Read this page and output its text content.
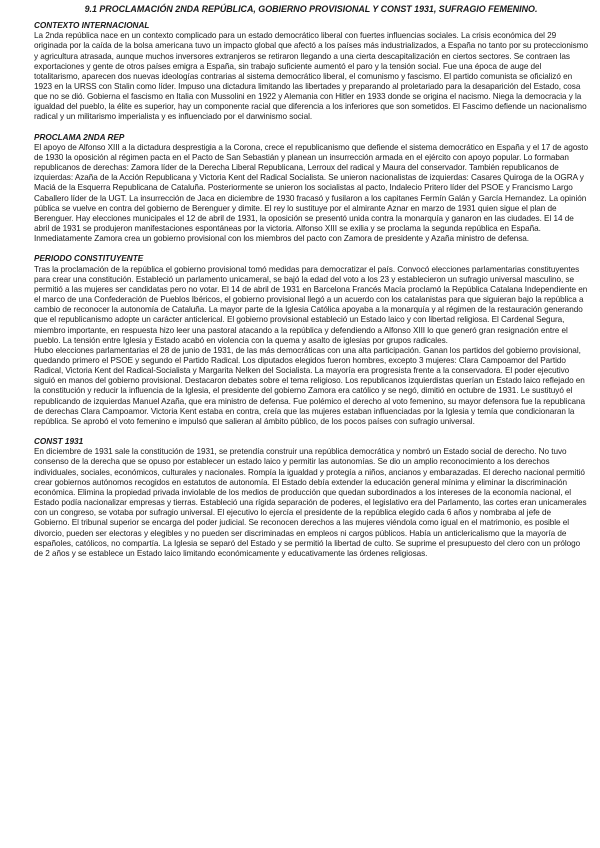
9.1 PROCLAMACIÓN 2NDA REPÚBLICA, GOBIERNO PROVISIONAL Y CONST 1931, SUFRAGIO FEMENINO.
CONTEXTO INTERNACIONAL

La 2nda república nace en un contexto complicado para un estado democrático liberal con fuertes influencias sociales. La crisis económica del 29 originada por la caída de la bolsa americana tuvo un impacto global que afectó a los países más industrializados, a España no tanto por su proteccionismo y agricultura atrasada, aunque muchos inversores extranjeros se retiraron llegando a una cierta descapitalización en ciertos sectores. Se contraen las exportaciones y gente de otros países emigra a España, sin trabajo suficiente aumentó el paro y la tensión social. Fue una época de auge del totalitarismo, aparecen dos nuevas ideologías contrarias al sistema democrático liberal, el comunismo y fascismo. El partido comunista se oficializó en 1923 en la URSS con Stalin como líder. Impuso una dictadura limitando las libertades y preparando al proletariado para la desaparición del Estado, cosa que no se dió. Gobierna el fascismo en Italia con Mussolini en 1922 y Alemania con Hitler en 1933 donde se origina el nacismo. Niega la democracia y la igualdad del pueblo, la élite es superior, hay un componente racial que diferencia a los inferiores que son sometidos. El Fascimo defiende un nacionalismo radical y un militarismo imperialista y es influenciado por el darwinismo social.

PROCLAMA 2NDA REP

El apoyo de Alfonso XIII a la dictadura desprestigia a la Corona, crece el republicanismo que defiende el sistema democrático en España y el 17 de agosto de 1930 la oposición al régimen pacta en el Pacto de San Sebastián y planean un insurrección armada en el ejército con apoyo popular. Lo formaban republicanos de derechas: Zamora líder de la Derecha Liberal Republicana, Lerroux del radical y Maura del conservador. También republicanos de izquierdas: Azaña de la Acción Republicana y Victoria Kent del Radical Socialista. Se unieron nacionalistas de izquierdas: Casares Quiroga de la OGRA y Maciá de la Esquerra Republicana de Cataluña. Posteriormente se unieron los socialistas al pacto, Indalecio Pritero líder del PSOE y Francismo Largo Caballero líder de la UGT. La insurrección de Jaca en diciembre de 1930 fracasó y fusilaron a los capitanes Fermín Galán y García Hernandez. La opinión pública se vuelve en contra del gobierno de Berenguer y dimite. El rey lo sustituye por el almirante Aznar en marzo de 1931 quien sigue el plan de Berenguer. Hay elecciones municipales el 12 de abril de 1931, la oposición se presentó unida contra la monarquía y ganaron en las ciudades. El 14 de abril de 1931 se produjeron manifestaciones espontáneas por la victoria. Alfonso XIII se exilia y se proclama la segunda república en España. Inmediatamente Zamora crea un gobierno provisional con los miembros del pacto con Zamora de presidente y Azaña ministro de defensa.

PERIODO CONSTITUYENTE

Tras la proclamación de la república el gobierno provisional tomó medidas para democratizar el país. Convocó elecciones parlamentarias constituyentes para crear una constitución. Estableció un parlamento unicameral, se bajó la edad del voto a los 23 y establecieron un sufragio universal masculino, se permitió a las mujeres ser candidatas pero no votar. El 14 de abril de 1931 en Barcelona Francés Macía proclamó la República Catalana Independiente en el marco de una Confederación de Pueblos Ibéricos, el gobierno provisional llegó a un acuerdo con los catalanistas para que siguieran bajo la república a cambio de reconocer la autonomía de Cataluña. La mayor parte de la Iglesia Católica apoyaba a la monarquía y al régimen de la restauración generando que el republicanismo adopte un carácter anticlerical. El gobierno provisional estableció un Estado laico y con libertad religiosa. El Cardenal Segura, miembro importante, en respuesta hizo leer una pastoral atacando a la república y defendiendo a Alfonso XIII lo que generó gran resignación entre el pueblo. La tensión entre Iglesia y Estado acabó en violencia con la quema y asalto de iglesias por grupos radicales.

Hubo elecciones parlamentarias el 28 de junio de 1931, de las más democráticas con una alta participación. Ganan los partidos del gobierno provisional, quedando primero el PSOE y segundo el Partido Radical. Los diputados elegidos fueron hombres, excepto 3 mujeres: Clara Campoamor del Partido Radical, Victoria Kent del Radical-Socialista y Margarita Nelken del Socialista. La mayoría era progresista frente a la conservadora. El poder ejecutivo siguió en manos del gobierno provisional. Destacaron debates sobre el tema religioso. Los republicanos izquierdistas querían un Estado laico reflejado en la constitución y reducir la influencia de la Iglesia, el presidente del gobierno Zamora era católico y se negó, dimitió en octubre de 1931. Le sustituyó el republicando de izquierdas Manuel Azaña, que era ministro de defensa. Fue polémico el derecho al voto femenino, su mayor defensora fue la republicana de derechas Clara Campoamor. Victoria Kent estaba en contra, creía que las mujeres estaban influenciadas por la Iglesia y temía que condicionaran la república. Se aprobó el voto femenino e impulsó que salieran al ámbito público, de los pocos países con sufragio universal.

CONST 1931

En diciembre de 1931 sale la constitución de 1931, se pretendía construir una república democrática y nombró un Estado social de derecho. No tuvo consenso de la derecha que se opuso por establecer un estado laico y permitir las autonomías. Se dio un amplio reconocimiento a los derechos individuales, sociales, económicos, culturales y nacionales. Rompía la igualdad y protegía a niños, ancianos y embarazadas. El derecho nacional permitió crear gobiernos autónomos recogidos en estatutos de autonomía. El Estado debía extender la educación general mínima y eliminar la discriminación económica. Elimina la propiedad privada inviolable de los medios de producción que quedan subordinados a los intereses de la economía nacional, el Estado podía nacionalizar empresas y tierras. Estableció una rígida separación de poderes, el legislativo era del Parlamento, las cortes eran unicamerales con un congreso, se votaba por sufragio universal. El ejecutivo lo ejercía el presidente de la república elegido cada 6 años y nombraba al jefe de Gobierno. El tribunal superior se encarga del poder judicial. Se reconocen derechos a las mujeres viéndola como igual en el matrimonio, es posible el divorcio, pueden ser electoras y elegibles y no pueden ser discriminadas en empleos ni cargos públicos. Había un anticlericalismo que la mayoría de españoles, católicos, no compartía. La Iglesia se separó del Estado y se permitió la libertad de culto. Se suprime el presupuesto del clero con un prólogo de 2 años y se establece un Estado laico limitando económicamente y educativamente las órdenes religiosas.
